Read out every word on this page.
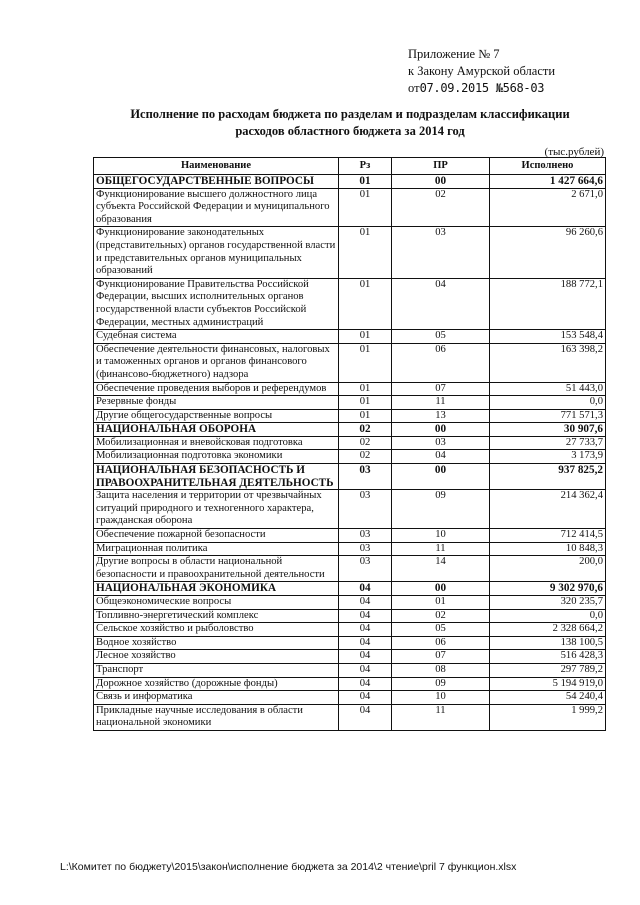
Приложение № 7
к Закону Амурской области
от07.09.2015 №568-03
Исполнение по расходам бюджета по разделам и подразделам классификации
расходов областного бюджета за 2014 год
(тыс.рублей)
Наименование	Рз	ПР	Исполнено
ОБЩЕГОСУДАРСТВЕННЫЕ ВОПРОСЫ	01	00	1 427 664,6
Функционирование высшего должностного лица субъекта Российской Федерации и муниципального образования	01	02	2 671,0
Функционирование законодательных (представительных) органов государственной власти и представительных органов муниципальных образований	01	03	96 260,6
Функционирование Правительства Российской Федерации, высших исполнительных органов государственной власти субъектов Российской Федерации, местных администраций	01	04	188 772,1
Судебная система	01	05	153 548,4
Обеспечение деятельности финансовых, налоговых и таможенных органов и органов финансового (финансово-бюджетного) надзора	01	06	163 398,2
Обеспечение проведения выборов и референдумов	01	07	51 443,0
Резервные фонды	01	11	0,0
Другие общегосударственные вопросы	01	13	771 571,3
НАЦИОНАЛЬНАЯ ОБОРОНА	02	00	30 907,6
Мобилизационная и вневойсковая подготовка	02	03	27 733,7
Мобилизационная подготовка экономики	02	04	3 173,9
НАЦИОНАЛЬНАЯ БЕЗОПАСНОСТЬ И ПРАВООХРАНИТЕЛЬНАЯ ДЕЯТЕЛЬНОСТЬ	03	00	937 825,2
Защита населения и территории от чрезвычайных ситуаций природного и техногенного характера, гражданская оборона	03	09	214 362,4
Обеспечение пожарной безопасности	03	10	712 414,5
Миграционная политика	03	11	10 848,3
Другие вопросы в области национальной безопасности и правоохранительной деятельности	03	14	200,0
НАЦИОНАЛЬНАЯ ЭКОНОМИКА	04	00	9 302 970,6
Общеэкономические вопросы	04	01	320 235,7
Топливно-энергетический комплекс	04	02	0,0
Сельское хозяйство и рыболовство	04	05	2 328 664,2
Водное хозяйство	04	06	138 100,5
Лесное хозяйство	04	07	516 428,3
Транспорт	04	08	297 789,2
Дорожное хозяйство (дорожные фонды)	04	09	5 194 919,0
Связь и информатика	04	10	54 240,4
Прикладные научные исследования в области национальной экономики	04	11	1 999,2
L:\Комитет по бюджету\2015\закон\исполнение бюджета за 2014\2 чтение\pril 7 функцион.xlsx
